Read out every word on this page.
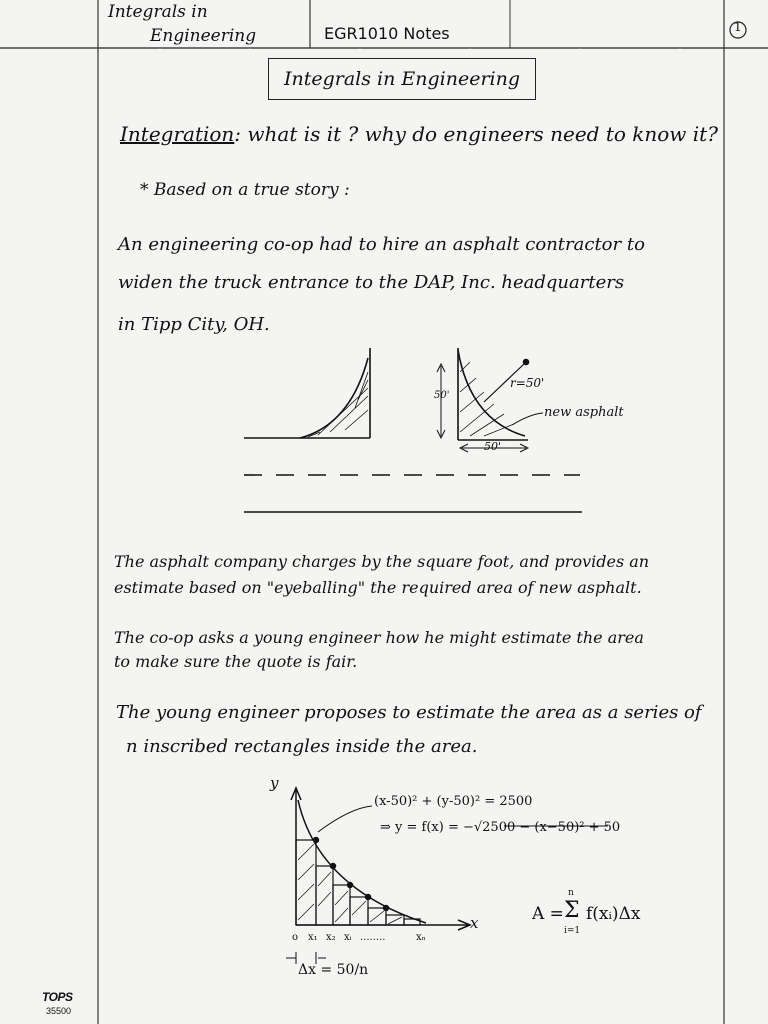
Integrals in
Engineering	EGR1010 Notes	1
Integrals in Engineering
Integration: what is it ? why do engineers need to know it?
* Based on a true story :
An engineering co-op had to hire an asphalt contractor to
widen the truck entrance to the DAP, Inc. headquarters
in Tipp City, OH.
50'
r=50'
new asphalt
50'
The asphalt company charges by the square foot, and provides an
estimate based on "eyeballing" the required area of new asphalt.
The co-op asks a young engineer how he might estimate the area
to make sure the quote is fair.
The young engineer proposes to estimate the area as a series of
n inscribed rectangles inside the area.
y
x
(x-50)² + (y-50)² = 2500
⇒ y = f(x) = −√2500 − (x−50)² + 50
o x₁ x₂ xᵢ ........	xₙ
Δx = 50/n
A =
n
Σ
i=1
f(xᵢ)Δx
TOPS
35500
